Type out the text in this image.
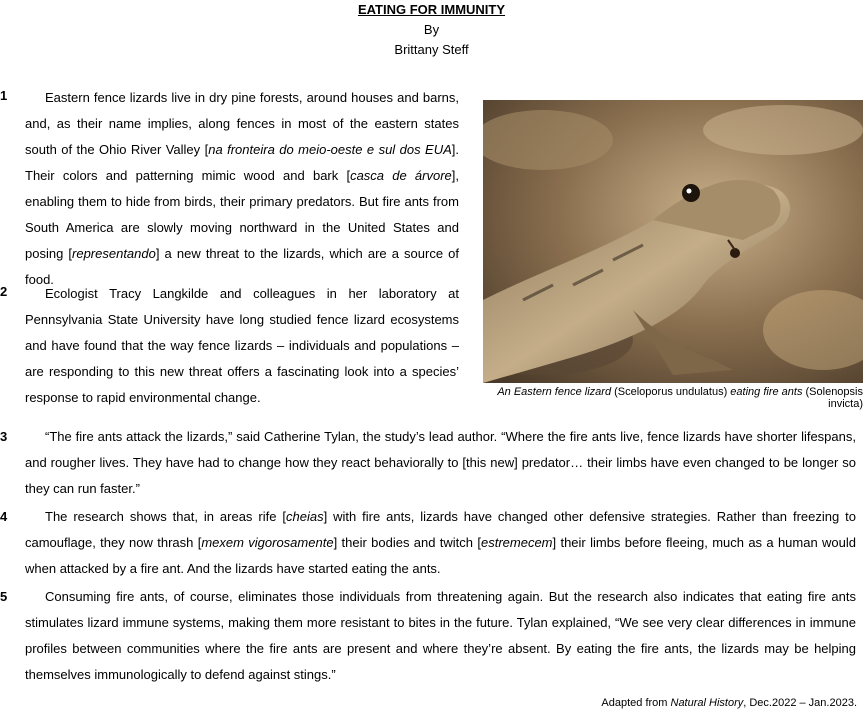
EATING FOR IMMUNITY
By
Brittany Steff
1	Eastern fence lizards live in dry pine forests, around houses and barns, and, as their name implies, along fences in most of the eastern states south of the Ohio River Valley [na fronteira do meio-oeste e sul dos EUA]. Their colors and patterning mimic wood and bark [casca de árvore], enabling them to hide from birds, their primary predators. But fire ants from South America are slowly moving northward in the United States and posing [representando] a new threat to the lizards, which are a source of food.

2	Ecologist Tracy Langkilde and colleagues in her laboratory at Pennsylvania State University have long studied fence lizard ecosystems and have found that the way fence lizards – individuals and populations – are responding to this new threat offers a fascinating look into a species’ response to rapid environmental change.	An Eastern fence lizard (Sceloporus undulatus) eating fire ants (Solenopsis invicta)
3	“The fire ants attack the lizards,” said Catherine Tylan, the study’s lead author. “Where the fire ants live, fence lizards have shorter lifespans, and rougher lives. They have had to change how they react behaviorally to [this new] predator… their limbs have even changed to be longer so they can run faster.”

4	The research shows that, in areas rife [cheias] with fire ants, lizards have changed other defensive strategies. Rather than freezing to camouflage, they now thrash [mexem vigorosamente] their bodies and twitch [estremecem] their limbs before fleeing, much as a human would when attacked by a fire ant. And the lizards have started eating the ants.

5	Consuming fire ants, of course, eliminates those individuals from threatening again. But the research also indicates that eating fire ants stimulates lizard immune systems, making them more resistant to bites in the future. Tylan explained, “We see very clear differences in immune profiles between communities where the fire ants are present and where they’re absent. By eating the fire ants, the lizards may be helping themselves immunologically to defend against stings.”

Adapted from Natural History, Dec.2022 – Jan.2023.
